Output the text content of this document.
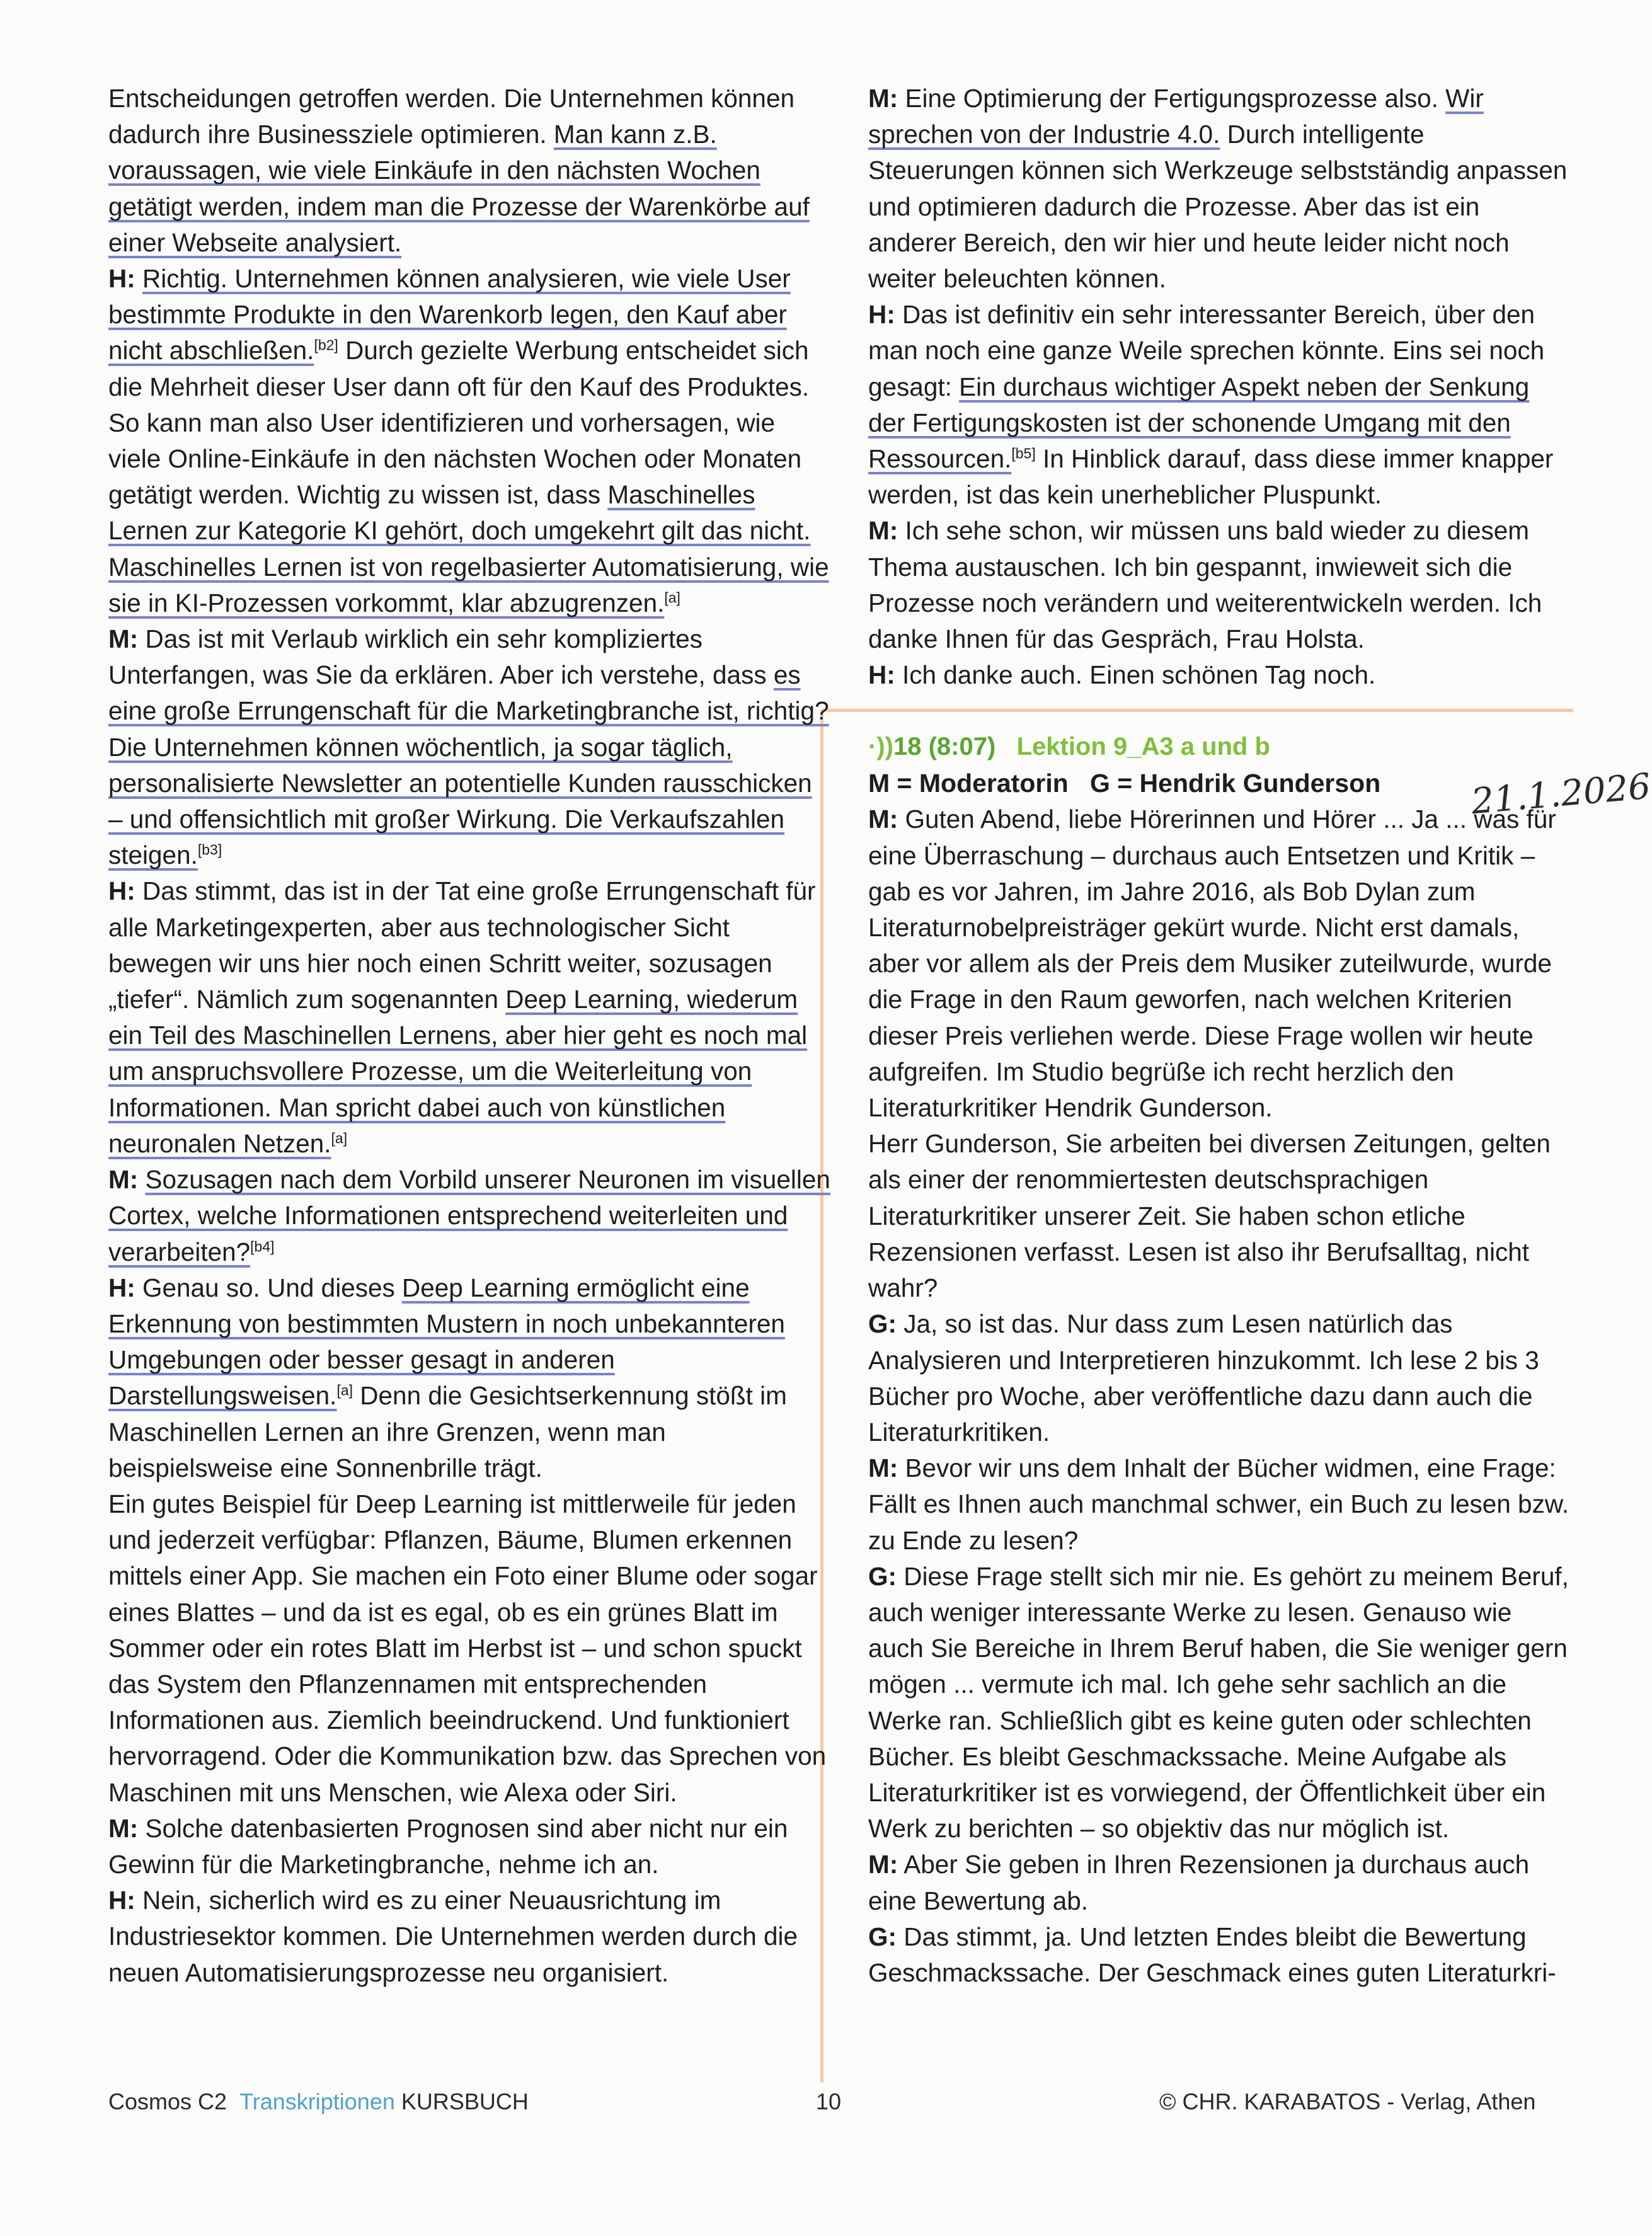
Entscheidungen getroffen werden. Die Unternehmen können dadurch ihre Businessziele optimieren. Man kann z.B. voraussagen, wie viele Einkäufe in den nächsten Wochen getätigt werden, indem man die Prozesse der Warenkörbe auf einer Webseite analysiert.

H: Richtig. Unternehmen können analysieren, wie viele User bestimmte Produkte in den Warenkorb legen, den Kauf aber nicht abschließen.[b2] Durch gezielte Werbung entscheidet sich die Mehrheit dieser User dann oft für den Kauf des Produktes. So kann man also User identifizieren und vorhersagen, wie viele Online-Einkäufe in den nächsten Wochen oder Monaten getätigt werden. Wichtig zu wissen ist, dass Maschinelles Lernen zur Kategorie KI gehört, doch umgekehrt gilt das nicht. Maschinelles Lernen ist von regelbasierter Automatisierung, wie sie in KI-Prozessen vorkommt, klar abzugrenzen.[a]

M: Das ist mit Verlaub wirklich ein sehr kompliziertes Unterfangen, was Sie da erklären. Aber ich verstehe, dass es eine große Errungenschaft für die Marketingbranche ist, richtig? Die Unternehmen können wöchentlich, ja sogar täglich, personalisierte Newsletter an potentielle Kunden rausschicken – und offensichtlich mit großer Wirkung. Die Verkaufszahlen steigen.[b3]

H: Das stimmt, das ist in der Tat eine große Errungenschaft für alle Marketingexperten, aber aus technologischer Sicht bewegen wir uns hier noch einen Schritt weiter, sozusagen „tiefer“. Nämlich zum sogenannten Deep Learning, wiederum ein Teil des Maschinellen Lernens, aber hier geht es noch mal um anspruchsvollere Prozesse, um die Weiterleitung von Informationen. Man spricht dabei auch von künstlichen neuronalen Netzen.[a]

M: Sozusagen nach dem Vorbild unserer Neuronen im visuellen Cortex, welche Informationen entsprechend weiterleiten und verarbeiten?[b4]

H: Genau so. Und dieses Deep Learning ermöglicht eine Erkennung von bestimmten Mustern in noch unbekannteren Umgebungen oder besser gesagt in anderen Darstellungsweisen.[a] Denn die Gesichtserkennung stößt im Maschinellen Lernen an ihre Grenzen, wenn man beispielsweise eine Sonnenbrille trägt.

Ein gutes Beispiel für Deep Learning ist mittlerweile für jeden und jederzeit verfügbar: Pflanzen, Bäume, Blumen erkennen mittels einer App. Sie machen ein Foto einer Blume oder sogar eines Blattes – und da ist es egal, ob es ein grünes Blatt im Sommer oder ein rotes Blatt im Herbst ist – und schon spuckt das System den Pflanzennamen mit entsprechenden Informationen aus. Ziemlich beeindruckend. Und funktioniert hervorragend. Oder die Kommunikation bzw. das Sprechen von Maschinen mit uns Menschen, wie Alexa oder Siri.

M: Solche datenbasierten Prognosen sind aber nicht nur ein Gewinn für die Marketingbranche, nehme ich an.

H: Nein, sicherlich wird es zu einer Neuausrichtung im Industriesektor kommen. Die Unternehmen werden durch die neuen Automatisierungsprozesse neu organisiert.

M: Eine Optimierung der Fertigungsprozesse also. Wir sprechen von der Industrie 4.0. Durch intelligente Steuerungen können sich Werkzeuge selbstständig anpassen und optimieren dadurch die Prozesse. Aber das ist ein anderer Bereich, den wir hier und heute leider nicht noch weiter beleuchten können.

H: Das ist definitiv ein sehr interessanter Bereich, über den man noch eine ganze Weile sprechen könnte. Eins sei noch gesagt: Ein durchaus wichtiger Aspekt neben der Senkung der Fertigungskosten ist der schonende Umgang mit den Ressourcen.[b5] In Hinblick darauf, dass diese immer knapper werden, ist das kein unerheblicher Pluspunkt.

M: Ich sehe schon, wir müssen uns bald wieder zu diesem Thema austauschen. Ich bin gespannt, inwieweit sich die Prozesse noch verändern und weiterentwickeln werden. Ich danke Ihnen für das Gespräch, Frau Holsta.

H: Ich danke auch. Einen schönen Tag noch.

·))18 (8:07) Lektion 9_A3 a und b

M = Moderatorin   G = Hendrik Gunderson

M: Guten Abend, liebe Hörerinnen und Hörer ... Ja ... was für eine Überraschung – durchaus auch Entsetzen und Kritik – gab es vor Jahren, im Jahre 2016, als Bob Dylan zum Literaturnobelpreisträger gekürt wurde. Nicht erst damals, aber vor allem als der Preis dem Musiker zuteilwurde, wurde die Frage in den Raum geworfen, nach welchen Kriterien dieser Preis verliehen werde. Diese Frage wollen wir heute aufgreifen. Im Studio begrüße ich recht herzlich den Literaturkritiker Hendrik Gunderson.

Herr Gunderson, Sie arbeiten bei diversen Zeitungen, gelten als einer der renommiertesten deutschsprachigen Literaturkritiker unserer Zeit. Sie haben schon etliche Rezensionen verfasst. Lesen ist also ihr Berufsalltag, nicht wahr?

G: Ja, so ist das. Nur dass zum Lesen natürlich das Analysieren und Interpretieren hinzukommt. Ich lese 2 bis 3 Bücher pro Woche, aber veröffentliche dazu dann auch die Literaturkritiken.

M: Bevor wir uns dem Inhalt der Bücher widmen, eine Frage: Fällt es Ihnen auch manchmal schwer, ein Buch zu lesen bzw. zu Ende zu lesen?

G: Diese Frage stellt sich mir nie. Es gehört zu meinem Beruf, auch weniger interessante Werke zu lesen. Genauso wie auch Sie Bereiche in Ihrem Beruf haben, die Sie weniger gern mögen ... vermute ich mal. Ich gehe sehr sachlich an die Werke ran. Schließlich gibt es keine guten oder schlechten Bücher. Es bleibt Geschmackssache. Meine Aufgabe als Literaturkritiker ist es vorwiegend, der Öffentlichkeit über ein Werk zu berichten – so objektiv das nur möglich ist.

M: Aber Sie geben in Ihren Rezensionen ja durchaus auch eine Bewertung ab.

G: Das stimmt, ja. Und letzten Endes bleibt die Bewertung Geschmackssache. Der Geschmack eines guten Literaturkri-

21.1.2026
Cosmos C2 Transkriptionen KURSBUCH	10	© CHR. KARABATOS - Verlag, Athen
